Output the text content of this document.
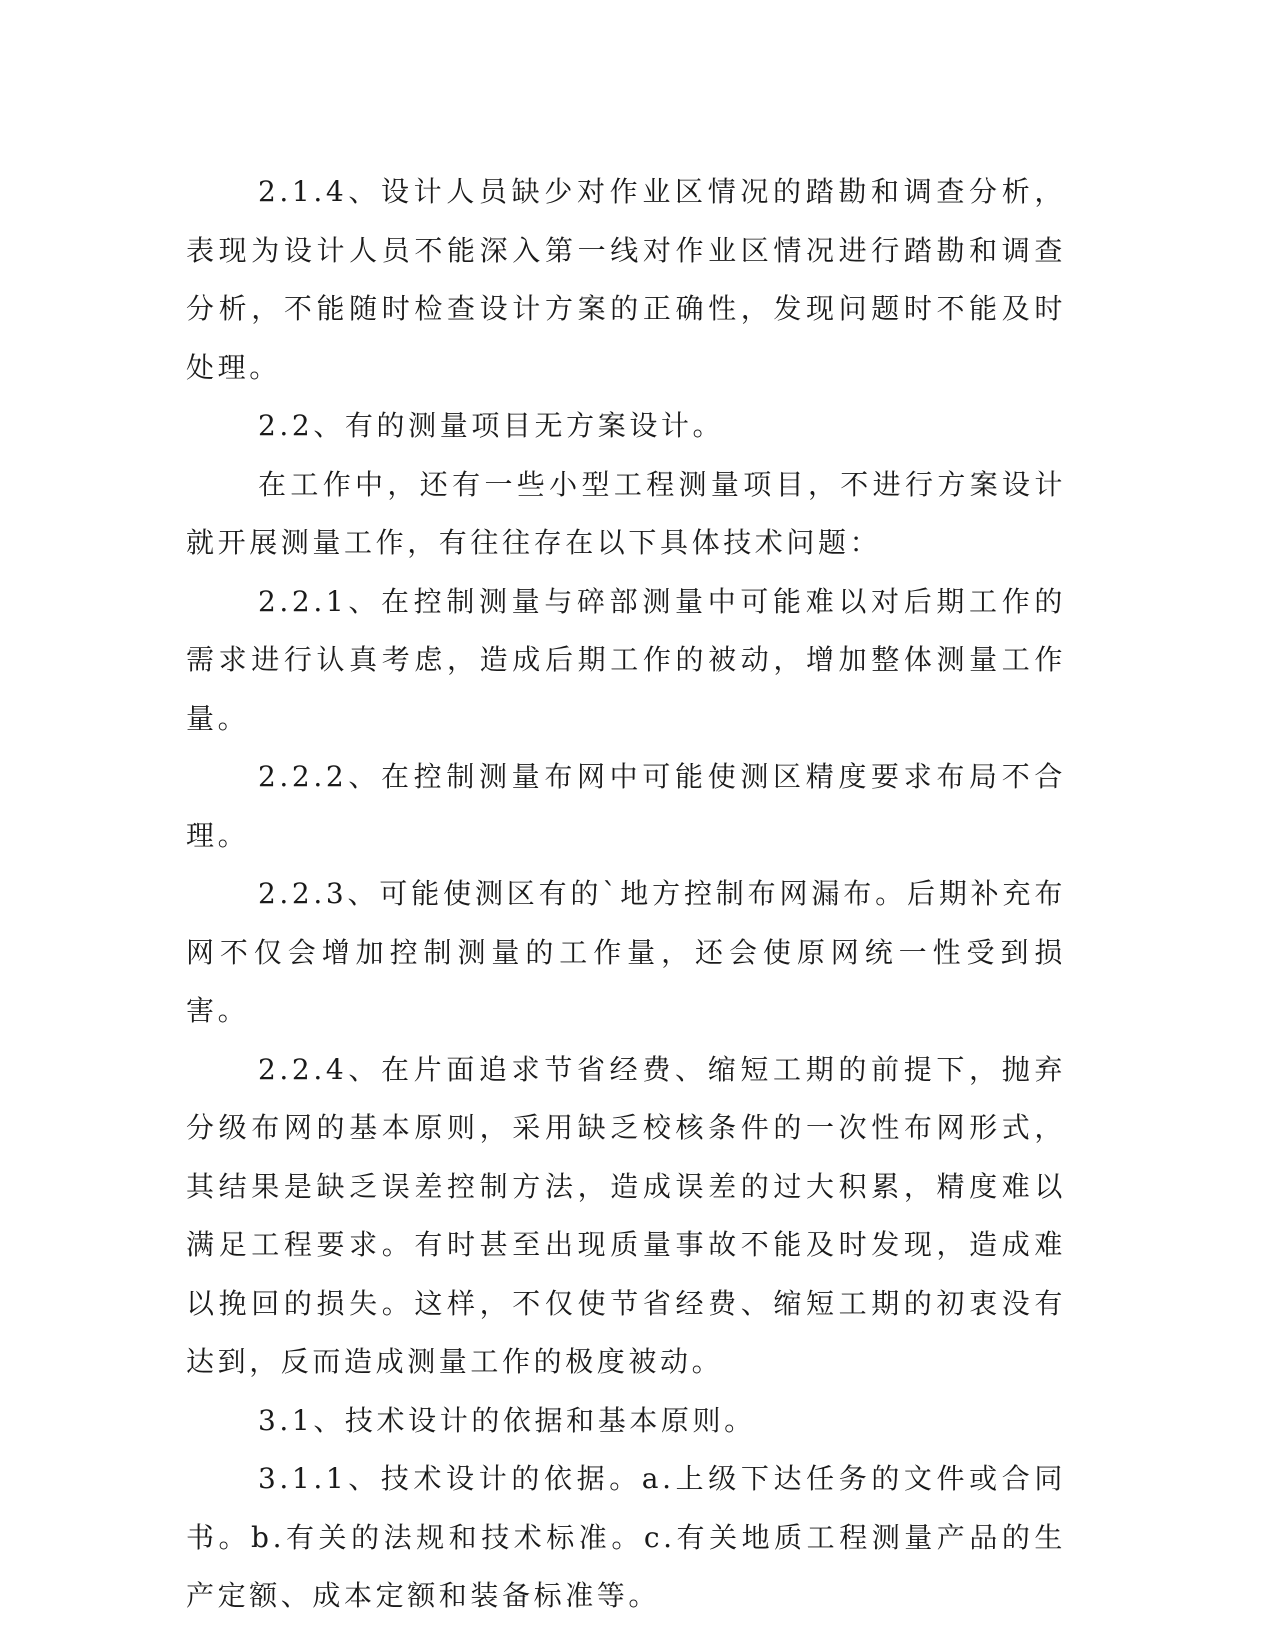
2.1.4、设计人员缺少对作业区情况的踏勘和调查分析，表现为设计人员不能深入第一线对作业区情况进行踏勘和调查分析，不能随时检查设计方案的正确性，发现问题时不能及时处理。

2.2、有的测量项目无方案设计。

在工作中，还有一些小型工程测量项目，不进行方案设计就开展测量工作，有往往存在以下具体技术问题：

2.2.1、在控制测量与碎部测量中可能难以对后期工作的需求进行认真考虑，造成后期工作的被动，增加整体测量工作量。

2.2.2、在控制测量布网中可能使测区精度要求布局不合理。

2.2.3、可能使测区有的`地方控制布网漏布。后期补充布网不仅会增加控制测量的工作量，还会使原网统一性受到损害。

2.2.4、在片面追求节省经费、缩短工期的前提下，抛弃分级布网的基本原则，采用缺乏校核条件的一次性布网形式，其结果是缺乏误差控制方法，造成误差的过大积累，精度难以满足工程要求。有时甚至出现质量事故不能及时发现，造成难以挽回的损失。这样，不仅使节省经费、缩短工期的初衷没有达到，反而造成测量工作的极度被动。

3.1、技术设计的依据和基本原则。

3.1.1、技术设计的依据。a.上级下达任务的文件或合同书。b.有关的法规和技术标准。c.有关地质工程测量产品的生产定额、成本定额和装备标准等。
